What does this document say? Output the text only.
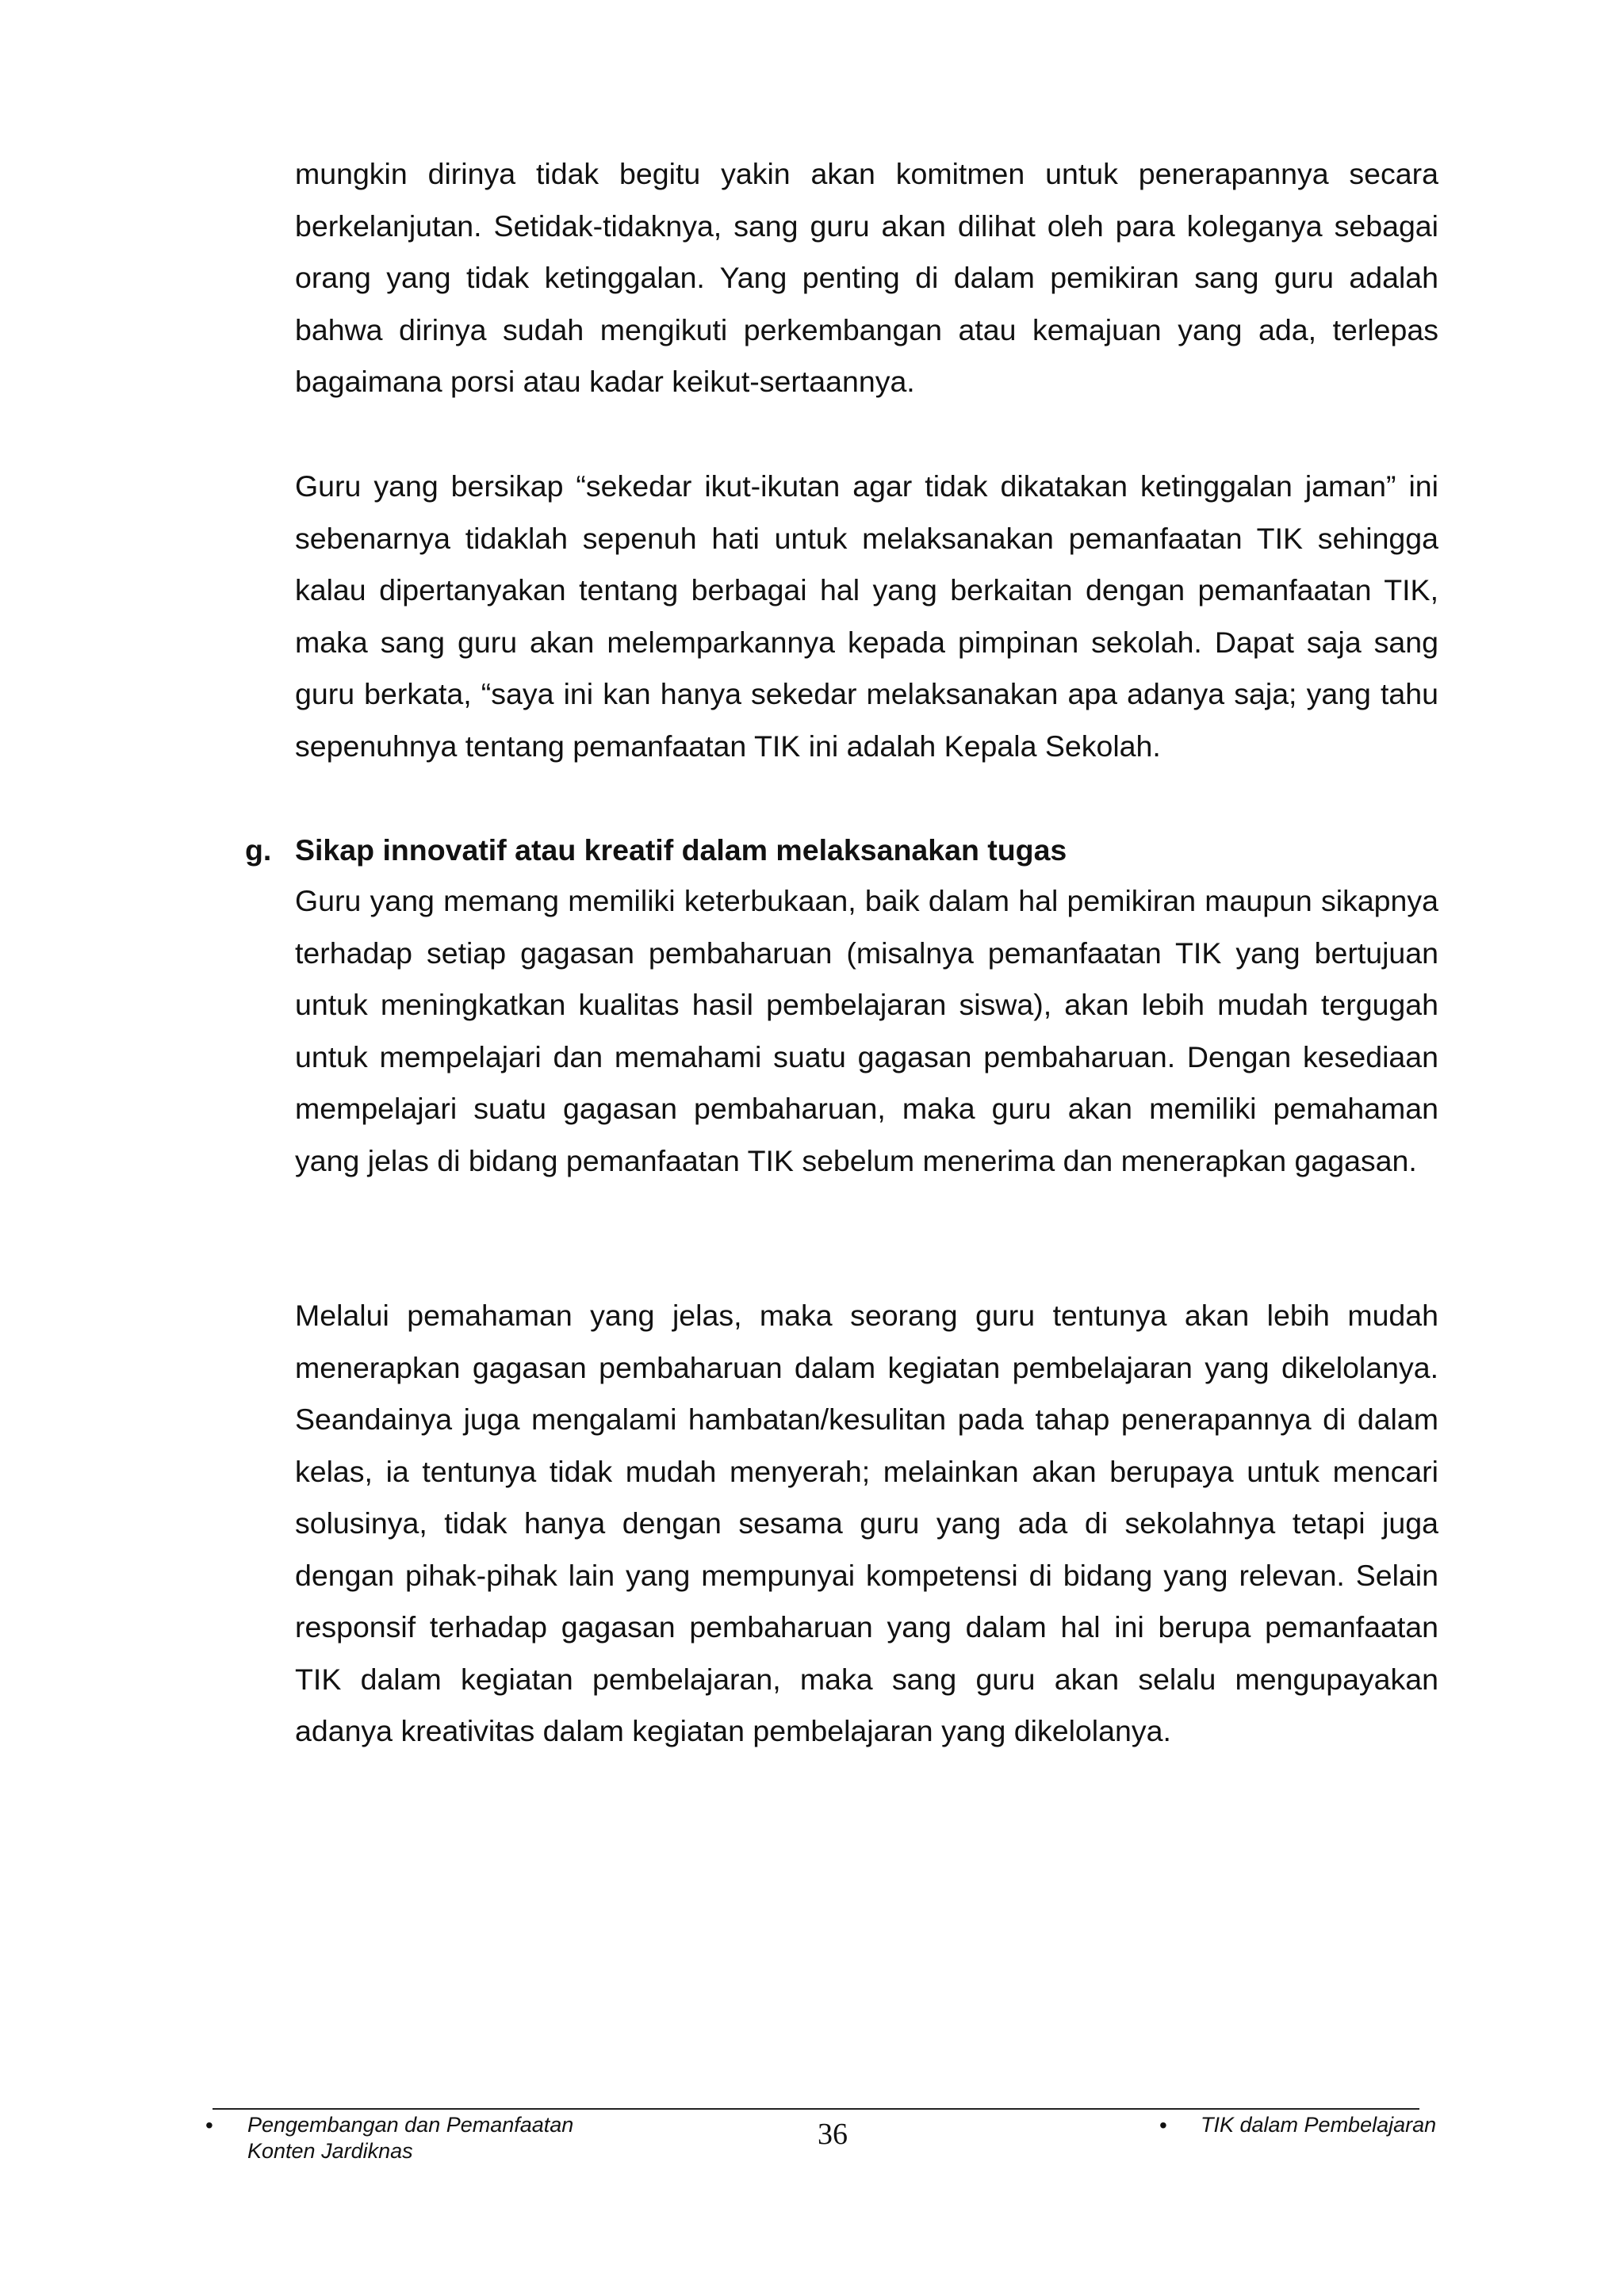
mungkin dirinya tidak begitu yakin akan komitmen untuk penerapannya secara berkelanjutan. Setidak-tidaknya, sang guru akan dilihat oleh para koleganya sebagai orang yang tidak ketinggalan. Yang penting di dalam pemikiran sang guru adalah bahwa dirinya sudah mengikuti perkembangan atau kemajuan yang ada, terlepas bagaimana porsi atau kadar keikut-sertaannya.

Guru yang bersikap “sekedar ikut-ikutan agar tidak dikatakan ketinggalan jaman” ini sebenarnya tidaklah sepenuh hati untuk melaksanakan pemanfaatan TIK sehingga kalau dipertanyakan tentang berbagai hal yang berkaitan dengan pemanfaatan TIK, maka sang guru akan melemparkannya kepada pimpinan sekolah. Dapat saja sang guru berkata, “saya ini kan hanya sekedar melaksanakan apa adanya saja; yang tahu sepenuhnya tentang pemanfaatan TIK ini adalah Kepala Sekolah.

g. Sikap innovatif atau kreatif dalam melaksanakan tugas

Guru yang memang memiliki keterbukaan, baik dalam hal pemikiran maupun sikapnya terhadap setiap gagasan pembaharuan (misalnya pemanfaatan TIK yang bertujuan untuk meningkatkan kualitas hasil pembelajaran siswa), akan lebih mudah tergugah untuk mempelajari dan memahami suatu gagasan pembaharuan. Dengan kesediaan mempelajari suatu gagasan pembaharuan, maka guru akan memiliki pemahaman yang jelas di bidang pemanfaatan TIK sebelum menerima dan menerapkan gagasan.

Melalui pemahaman yang jelas, maka seorang guru tentunya akan lebih mudah menerapkan gagasan pembaharuan dalam kegiatan pembelajaran yang dikelolanya. Seandainya juga mengalami hambatan/kesulitan pada tahap penerapannya di dalam kelas, ia tentunya tidak mudah menyerah; melainkan akan berupaya untuk mencari solusinya, tidak hanya dengan sesama guru yang ada di sekolahnya tetapi juga dengan pihak-pihak lain yang mempunyai kompetensi di bidang yang relevan. Selain responsif terhadap gagasan pembaharuan yang dalam hal ini berupa pemanfaatan TIK dalam kegiatan pembelajaran, maka sang guru akan selalu mengupayakan adanya kreativitas dalam kegiatan pembelajaran yang dikelolanya.

• Pengembangan dan Pemanfaatan
Konten Jardiknas	36	• TIK dalam Pembelajaran
